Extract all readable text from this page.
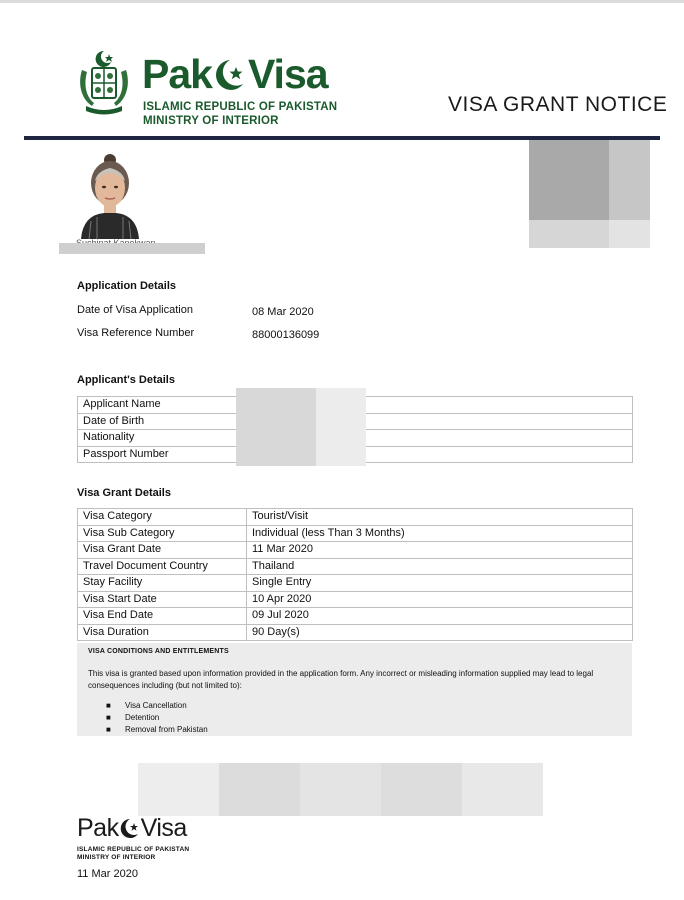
Pak Visa
ISLAMIC REPUBLIC OF PAKISTAN
MINISTRY OF INTERIOR
VISA GRANT NOTICE
Application Details
Date of Visa Application	08 Mar 2020
Visa Reference Number	88000136099
Applicant's Details
Applicant Name	
Date of Birth	
Nationality	
Passport Number	
Visa Grant Details
Visa Category	Tourist/Visit
Visa Sub Category	Individual (less Than 3 Months)
Visa Grant Date	11 Mar 2020
Travel Document Country	Thailand
Stay Facility	Single Entry
Visa Start Date	10 Apr 2020
Visa End Date	09 Jul 2020
Visa Duration	90 Day(s)
VISA CONDITIONS AND ENTITLEMENTS
This visa is granted based upon information provided in the application form. Any incorrect or misleading information supplied may lead to legal consequences including (but not limited to):
■ Visa Cancellation
■ Detention
■ Removal from Pakistan
Pak Visa
ISLAMIC REPUBLIC OF PAKISTAN
MINISTRY OF INTERIOR
11 Mar 2020
